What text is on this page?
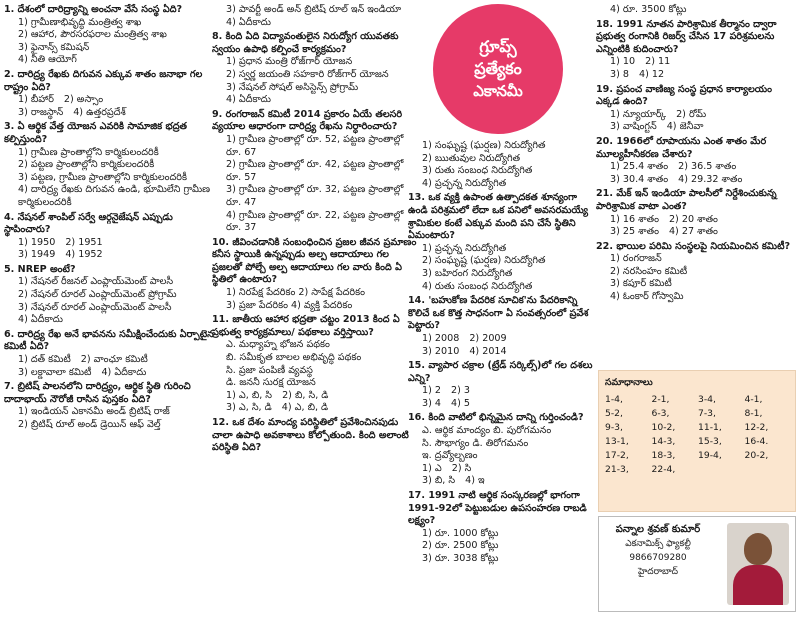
1. దేశంలో దారిద్ర్యాన్ని అంచనా వేసే సంస్థ ఏది?
1) గ్రామీణాభివృద్ధి మంత్రిత్వ శాఖ
2) ఆహార, పౌరసరఫరాల మంత్రిత్వ శాఖ
3) ఫైనాన్స్ కమిషన్
4) నీతి ఆయోగ్
2. దారిద్ర్య రేఖకు దిగువన ఎక్కువ శాతం జనాభా గల రాష్ట్రం ఏది?
1) బీహార్ 2) అస్సాం
3) రాజస్థాన్ 4) ఉత్తరప్రదేశ్
3. ఏ ఆర్థిక వేత్త యోజన ఎవరికి సామాజిక భద్రత కల్పిస్తుంది?
1) గ్రామీణ ప్రాంతాల్లోని కార్మికులందరికీ
2) పట్టణ ప్రాంతాల్లోని కార్మికులందరికీ
3) పట్టణ, గ్రామీణ ప్రాంతాల్లోని కార్మికులందరికీ
4) దారిద్ర్య రేఖకు దిగువన ఉండి, భూమిలేని గ్రామీణ కార్మికులందరికీ
4. నేషనల్ శాంపిల్ సర్వే ఆర్గనైజేషన్ ఎప్పుడు స్థాపించారు?
1) 1950 2) 1951
3) 1949 4) 1952
5. NREP అంటే?
1) నేషనల్ రీజనల్ ఎంప్లాయ్‌మెంట్ పాలసీ
2) నేషనల్ రూరల్ ఎంప్లాయ్‌మెంట్ ప్రోగ్రామ్
3) నేషనల్ రూరల్ ఎంప్లాయ్‌మెంట్ పాలసీ
4) ఏదీకాదు
6. దారిద్ర్య రేఖ అనే భావనను సమీక్షించేందుకు ఏర్పాటైన కమిటీ ఏది?
1) దత్ కమిటీ 2) వాంఛూ కమిటీ
3) లక్డావాలా కమిటీ 4) ఏదీకాదు
7. బ్రిటిష్ పాలనలోని దారిద్ర్యం, ఆర్థిక స్థితి గురించి దాదాభాయ్ నౌరోజీ రాసిన పుస్తకం ఏది?
1) ఇండియన్ ఎకానమీ అండ్ బ్రిటిష్ రాజ్
2) బ్రిటిష్ రూల్ అండ్ డ్రెయిన్ ఆఫ్ వెల్త్
3) పావర్టీ అండ్ అన్ బ్రిటిష్ రూల్ ఇన్ ఇండియా
4) ఏదీకాదు
8. కింది ఏది విద్యావంతులైన నిరుద్యోగ యువతకు స్వయం ఉపాధి కల్పించే కార్యక్రమం?
1) ప్రధాన మంత్రి రోజ్‌గార్ యోజన
2) స్వర్ణ జయంతి సహకారి రోజ్‌గార్ యోజన
3) నేషనల్ సోషల్ అసిస్టెన్స్ ప్రోగ్రామ్
4) ఏదీకాదు
9. రంగరాజన్ కమిటీ 2014 ప్రకారం ఏయే తలసరి వ్యయాల ఆధారంగా దారిద్ర్య రేఖను నిర్ధారించారు?
1) గ్రామీణ ప్రాంతాల్లో రూ. 52, పట్టణ ప్రాంతాల్లో రూ. 67
2) గ్రామీణ ప్రాంతాల్లో రూ. 42, పట్టణ ప్రాంతాల్లో రూ. 57
3) గ్రామీణ ప్రాంతాల్లో రూ. 32, పట్టణ ప్రాంతాల్లో రూ. 47
4) గ్రామీణ ప్రాంతాల్లో రూ. 22, పట్టణ ప్రాంతాల్లో రూ. 37
10. జీవించడానికి సంబంధించిన ప్రజల జీవన ప్రమాణం కనీస స్థాయికి ఉన్నప్పుడు అల్ప ఆదాయాలు గల ప్రజలతో పోల్చే అల్ప ఆదాయాలు గల వారు కింది ఏ స్థితిలో ఉంటారు?
1) నిరపేక్ష పేదరికం 2) సాపేక్ష పేదరికం
3) ప్రజా పేదరికం 4) వ్యక్తి పేదరికం
11. జాతీయ ఆహార భద్రతా చట్టం 2013 కింద ఏ ప్రభుత్వ కార్యక్రమాలు/ పథకాలు వర్తిస్తాయి?
ఎ. మధ్యాహ్న భోజన పథకం
బి. సమీకృత బాలల అభివృద్ధి పథకం
సి. ప్రజా పంపిణీ వ్యవస్థ
డి. జననీ సురక్ష యోజన
1) ఎ, బి, సి 2) బి, సి, డి
3) ఎ, సి, డి 4) ఎ, బి, డి
12. ఒక దేశం మాంద్య పరిస్థితిలో ప్రవేశించినపుడు చాలా ఉపాధి అవకాశాలు కోల్పోతుంది. కింది అలాంటి పరిస్థితి ఏది?
గ్రూప్స్
ప్రత్యేకం
ఎకానమీ
1) సంఘృష్ట (ఘర్షణ) నిరుద్యోగిత
2) ఋతువుల నిరుద్యోగిత
3) రుతు సంబంధ నిరుద్యోగిత
4) ప్రచ్ఛన్న నిరుద్యోగిత
13. ఒక వ్యక్తి ఉపాంత ఉత్పాదకత శూన్యంగా ఉండి పరిశ్రమలో లేదా ఒక పనిలో అవసరమయ్యే శ్రామికుల కంటే ఎక్కువ మంది పని చేసే స్థితిని ఏమంటారు?
1) ప్రచ్ఛన్న నిరుద్యోగిత
2) సంఘృష్ట (ఘర్షణ) నిరుద్యోగిత
3) బహిరంగ నిరుద్యోగిత
4) రుతు సంబంధ నిరుద్యోగిత
14. 'బహుకోణ పేదరిక సూచిక'ను పేదరికాన్ని కొలిచే ఒక కొత్త సాధనంగా ఏ సంవత్సరంలో ప్రవేశ పెట్టారు?
1) 2008 2) 2009
3) 2010 4) 2014
15. వ్యాపార చక్రాల (ట్రేడ్ సర్కిల్స్)లో గల దశలు ఎన్ని?
1) 2 2) 3
3) 4 4) 5
16. కింది వాటిలో భిన్నమైన దాన్ని గుర్తించండి?
ఎ. ఆర్థిక మాంద్యం బి. పురోగమనం
సి. సౌభాగ్యం డి. తిరోగమనం
ఇ. ద్రవ్యోల్బణం
1) ఎ 2) సి
3) బి, సి 4) ఇ
17. 1991 నాటి ఆర్థిక సంస్కరణల్లో భాగంగా 1991-92లో పెట్టుబడుల ఉపసంహరణ రాబడి లక్ష్యం?
1) రూ. 1000 కోట్లు
2) రూ. 2500 కోట్లు
3) రూ. 3038 కోట్లు
4) రూ. 3500 కోట్లు
18. 1991 నూతన పారిశ్రామిక తీర్మానం ద్వారా ప్రభుత్వ రంగానికి రిజర్వ్ చేసిన 17 పరిశ్రమలను ఎన్నింటికి కుదించారు?
1) 10 2) 11
3) 8 4) 12
19. ప్రపంచ వాణిజ్య సంస్థ ప్రధాన కార్యాలయం ఎక్కడ ఉంది?
1) న్యూయార్క్ 2) రోమ్
3) వాషింగ్టన్ 4) జెనీవా
20. 1966లో రూపాయను ఎంత శాతం మేర మూల్యహీనీకరణ చేశారు?
1) 25.4 శాతం 2) 36.5 శాతం
3) 30.4 శాతం 4) 29.32 శాతం
21. మేక్ ఇన్ ఇండియా పాలసీలో నిర్దేశించుకున్న పారిశ్రామిక వాటా ఎంత?
1) 16 శాతం 2) 20 శాతం
3) 25 శాతం 4) 27 శాతం
22. భాయిల పరిమి సంస్థలపై నియమించిన కమిటీ?
1) రంగరాజన్
2) నరసింహం కమిటీ
3) కపూర్ కమిటీ
4) ఓంకార్ గోస్వామి
సమాధానాలు
1-4,	2-1,	3-4,	4-1,
5-2,	6-3,	7-3,	8-1,
9-3,	10-2,	11-1,	12-2,
13-1,	14-3,	15-3,	16-4.
17-2,	18-3,	19-4,	20-2,
21-3,	22-4,
పన్నాల శ్రవణ్ కుమార్
ఎకనామిక్స్ ఫ్యాకల్టీ
9866709280
హైదరాబాద్
